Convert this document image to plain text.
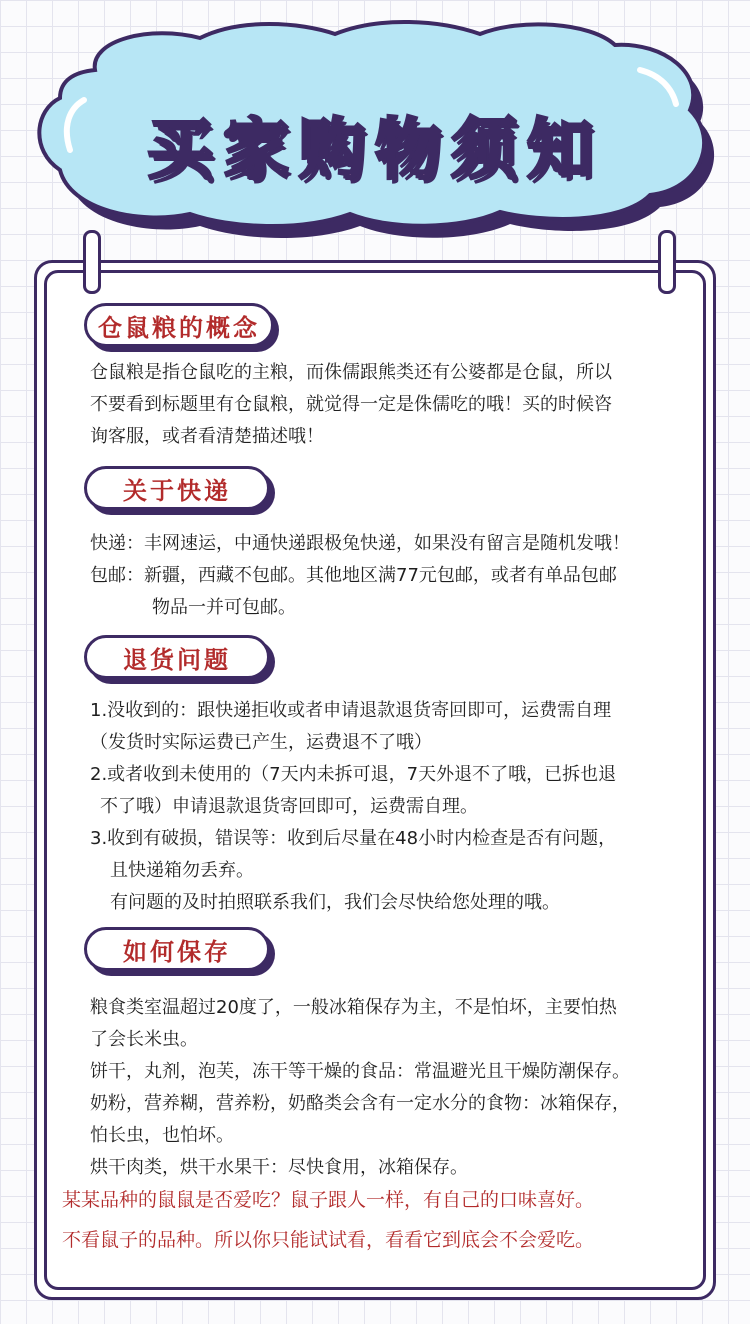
买家购物须知
仓鼠粮的概念

仓鼠粮是指仓鼠吃的主粮，而侏儒跟熊类还有公婆都是仓鼠，所以

不要看到标题里有仓鼠粮，就觉得一定是侏儒吃的哦！买的时候咨

询客服，或者看清楚描述哦！

关于快递

快递：丰网速运，中通快递跟极兔快递，如果没有留言是随机发哦！

包邮：新疆，西藏不包邮。其他地区满77元包邮，或者有单品包邮

物品一并可包邮。

退货问题

1.没收到的：跟快递拒收或者申请退款退货寄回即可，运费需自理

（发货时实际运费已产生，运费退不了哦）

2.或者收到未使用的（7天内未拆可退，7天外退不了哦，已拆也退

不了哦）申请退款退货寄回即可，运费需自理。

3.收到有破损，错误等：收到后尽量在48小时内检查是否有问题，

且快递箱勿丢弃。

有问题的及时拍照联系我们，我们会尽快给您处理的哦。

如何保存

粮食类室温超过20度了，一般冰箱保存为主，不是怕坏，主要怕热

了会长米虫。

饼干，丸剂，泡芙，冻干等干燥的食品：常温避光且干燥防潮保存。

奶粉，营养糊，营养粉，奶酪类会含有一定水分的食物：冰箱保存，

怕长虫，也怕坏。

烘干肉类，烘干水果干：尽快食用，冰箱保存。

某某品种的鼠鼠是否爱吃？鼠子跟人一样，有自己的口味喜好。

不看鼠子的品种。所以你只能试试看，看看它到底会不会爱吃。
